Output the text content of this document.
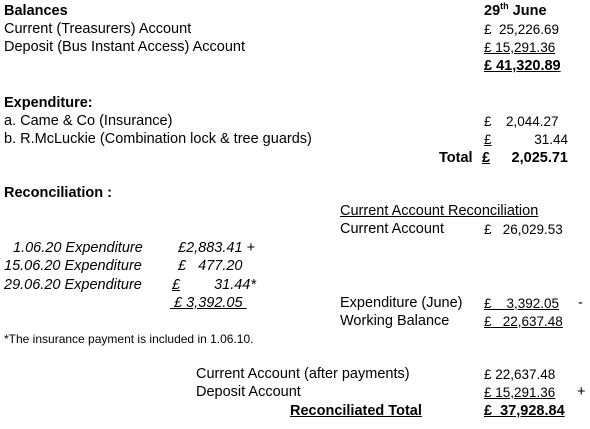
Balances	29th June
Current (Treasurers) Account	£  25,226.69
Deposit (Bus Instant Access) Account	£ 15,291.36
£ 41,320.89
Expenditure:
a. Came & Co (Insurance)	£ 2,044.27
b. R.McLuckie (Combination lock & tree guards)	£	31.44
Total £ 2,025.71
Reconciliation :
Current Account Reconciliation
Current Account	£   26,029.53
1.06.20 Expenditure £2,883.41 +
15.06.20 Expenditure £   477.20
29.06.20 Expenditure £ 31.44*
£ 3,392.05	Expenditure (June) £    3,392.05 -
Working Balance	£   22,637.48
*The insurance payment is included in 1.06.10.
Current Account (after payments)	£ 22,637.48
Deposit Account	£ 15,291.36 +
Reconciliated Total	£  37,928.84
